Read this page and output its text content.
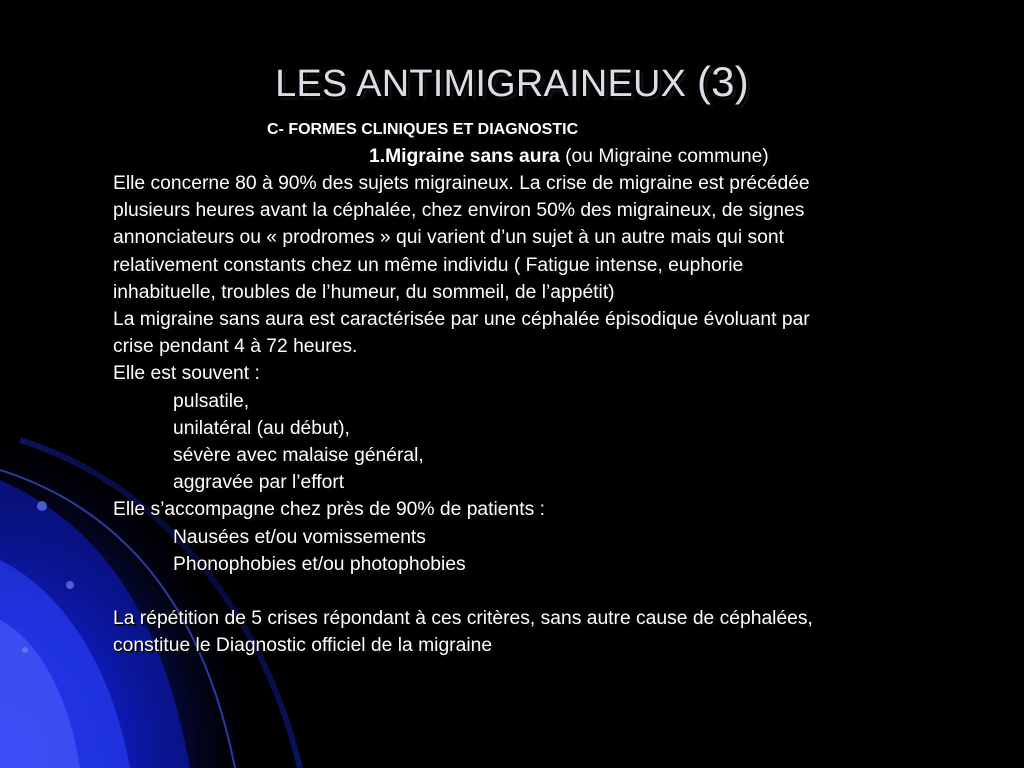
LES ANTIMIGRAINEUX (3)
C- FORMES CLINIQUES ET DIAGNOSTIC
1.Migraine sans aura (ou Migraine commune)
Elle concerne 80 à 90% des sujets migraineux. La crise de migraine est précédée
plusieurs heures avant la céphalée, chez environ 50% des migraineux, de signes
annonciateurs ou « prodromes » qui varient d’un sujet à un autre mais qui sont
relativement constants chez un même individu ( Fatigue intense, euphorie
inhabituelle, troubles de l’humeur, du sommeil, de l’appétit)
La migraine sans aura est caractérisée par une céphalée épisodique évoluant par
crise pendant 4 à 72 heures.
Elle est souvent :
pulsatile,
unilatéral (au début),
sévère avec malaise général,
aggravée par l’effort
Elle s’accompagne chez près de 90% de patients :
Nausées et/ou vomissements
Phonophobies et/ou photophobies
La répétition de 5 crises répondant à ces critères, sans autre cause de céphalées,
constitue le Diagnostic officiel de la migraine
